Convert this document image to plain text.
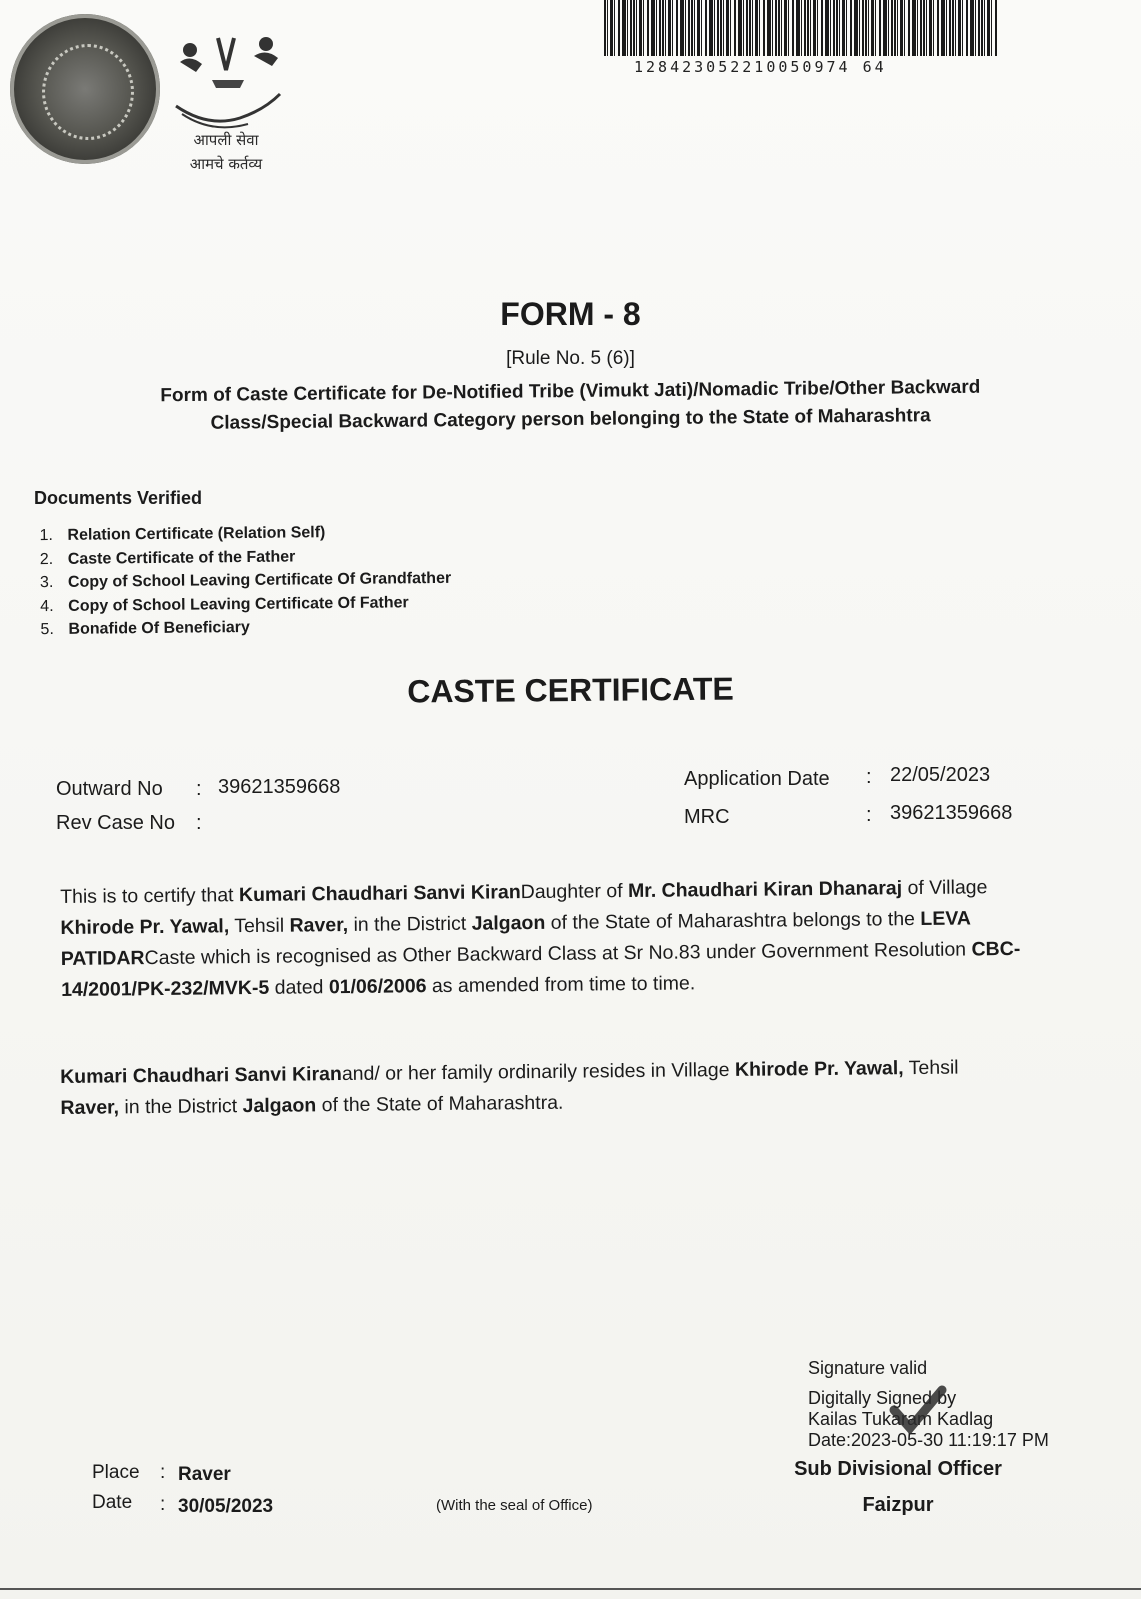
आपली सेवा
आमचे कर्तव्य
128423052210050974 64
FORM - 8
[Rule No. 5 (6)]
Form of Caste Certificate for De-Notified Tribe (Vimukt Jati)/Nomadic Tribe/Other Backward
Class/Special Backward Category person belonging to the State of Maharashtra
Documents Verified
1. Relation Certificate (Relation Self)
2. Caste Certificate of the Father
3. Copy of School Leaving Certificate Of Grandfather
4. Copy of School Leaving Certificate Of Father
5. Bonafide Of Beneficiary
CASTE CERTIFICATE
Outward No : 39621359668
Rev Case No :
Application Date : 22/05/2023
MRC	: 39621359668
This is to certify that Kumari Chaudhari Sanvi KiranDaughter of Mr. Chaudhari Kiran Dhanaraj of Village Khirode Pr. Yawal, Tehsil Raver, in the District Jalgaon of the State of Maharashtra belongs to the LEVA PATIDARCaste which is recognised as Other Backward Class at Sr No.83 under Government Resolution CBC-14/2001/PK-232/MVK-5 dated 01/06/2006 as amended from time to time.
Kumari Chaudhari Sanvi Kiranand/ or her family ordinarily resides in Village Khirode Pr. Yawal, Tehsil Raver, in the District Jalgaon of the State of Maharashtra.
Signature valid
Digitally Signed by
Kailas Tukaram Kadlag
Date:2023-05-30 11:19:17 PM
Sub Divisional Officer
Faizpur
Place : Raver
Date : 30/05/2023	(With the seal of Office)
